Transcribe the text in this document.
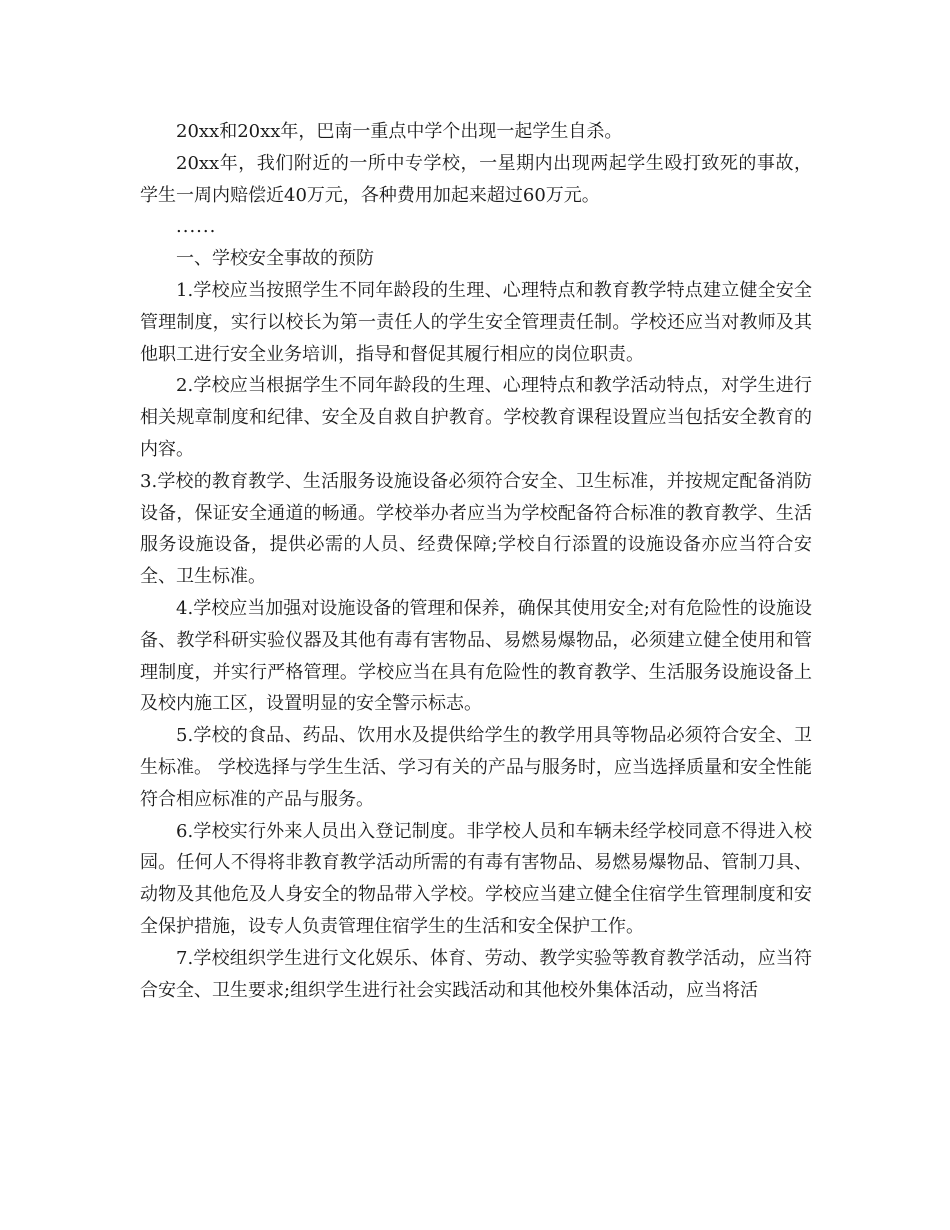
20xx和20xx年，巴南一重点中学个出现一起学生自杀。

20xx年，我们附近的一所中专学校，一星期内出现两起学生殴打致死的事故，学生一周内赔偿近40万元，各种费用加起来超过60万元。

......

一、学校安全事故的预防

1.学校应当按照学生不同年龄段的生理、心理特点和教育教学特点建立健全安全管理制度，实行以校长为第一责任人的学生安全管理责任制。学校还应当对教师及其他职工进行安全业务培训，指导和督促其履行相应的岗位职责。

2.学校应当根据学生不同年龄段的生理、心理特点和教学活动特点，对学生进行相关规章制度和纪律、安全及自救自护教育。学校教育课程设置应当包括安全教育的内容。

3.学校的教育教学、生活服务设施设备必须符合安全、卫生标准，并按规定配备消防设备，保证安全通道的畅通。学校举办者应当为学校配备符合标准的教育教学、生活服务设施设备，提供必需的人员、经费保障;学校自行添置的设施设备亦应当符合安全、卫生标准。

4.学校应当加强对设施设备的管理和保养，确保其使用安全;对有危险性的设施设备、教学科研实验仪器及其他有毒有害物品、易燃易爆物品，必须建立健全使用和管理制度，并实行严格管理。学校应当在具有危险性的教育教学、生活服务设施设备上及校内施工区，设置明显的安全警示标志。

5.学校的食品、药品、饮用水及提供给学生的教学用具等物品必须符合安全、卫生标准。 学校选择与学生生活、学习有关的产品与服务时，应当选择质量和安全性能符合相应标准的产品与服务。

6.学校实行外来人员出入登记制度。非学校人员和车辆未经学校同意不得进入校园。任何人不得将非教育教学活动所需的有毒有害物品、易燃易爆物品、管制刀具、动物及其他危及人身安全的物品带入学校。学校应当建立健全住宿学生管理制度和安全保护措施，设专人负责管理住宿学生的生活和安全保护工作。

7.学校组织学生进行文化娱乐、体育、劳动、教学实验等教育教学活动，应当符合安全、卫生要求;组织学生进行社会实践活动和其他校外集体活动，应当将活
